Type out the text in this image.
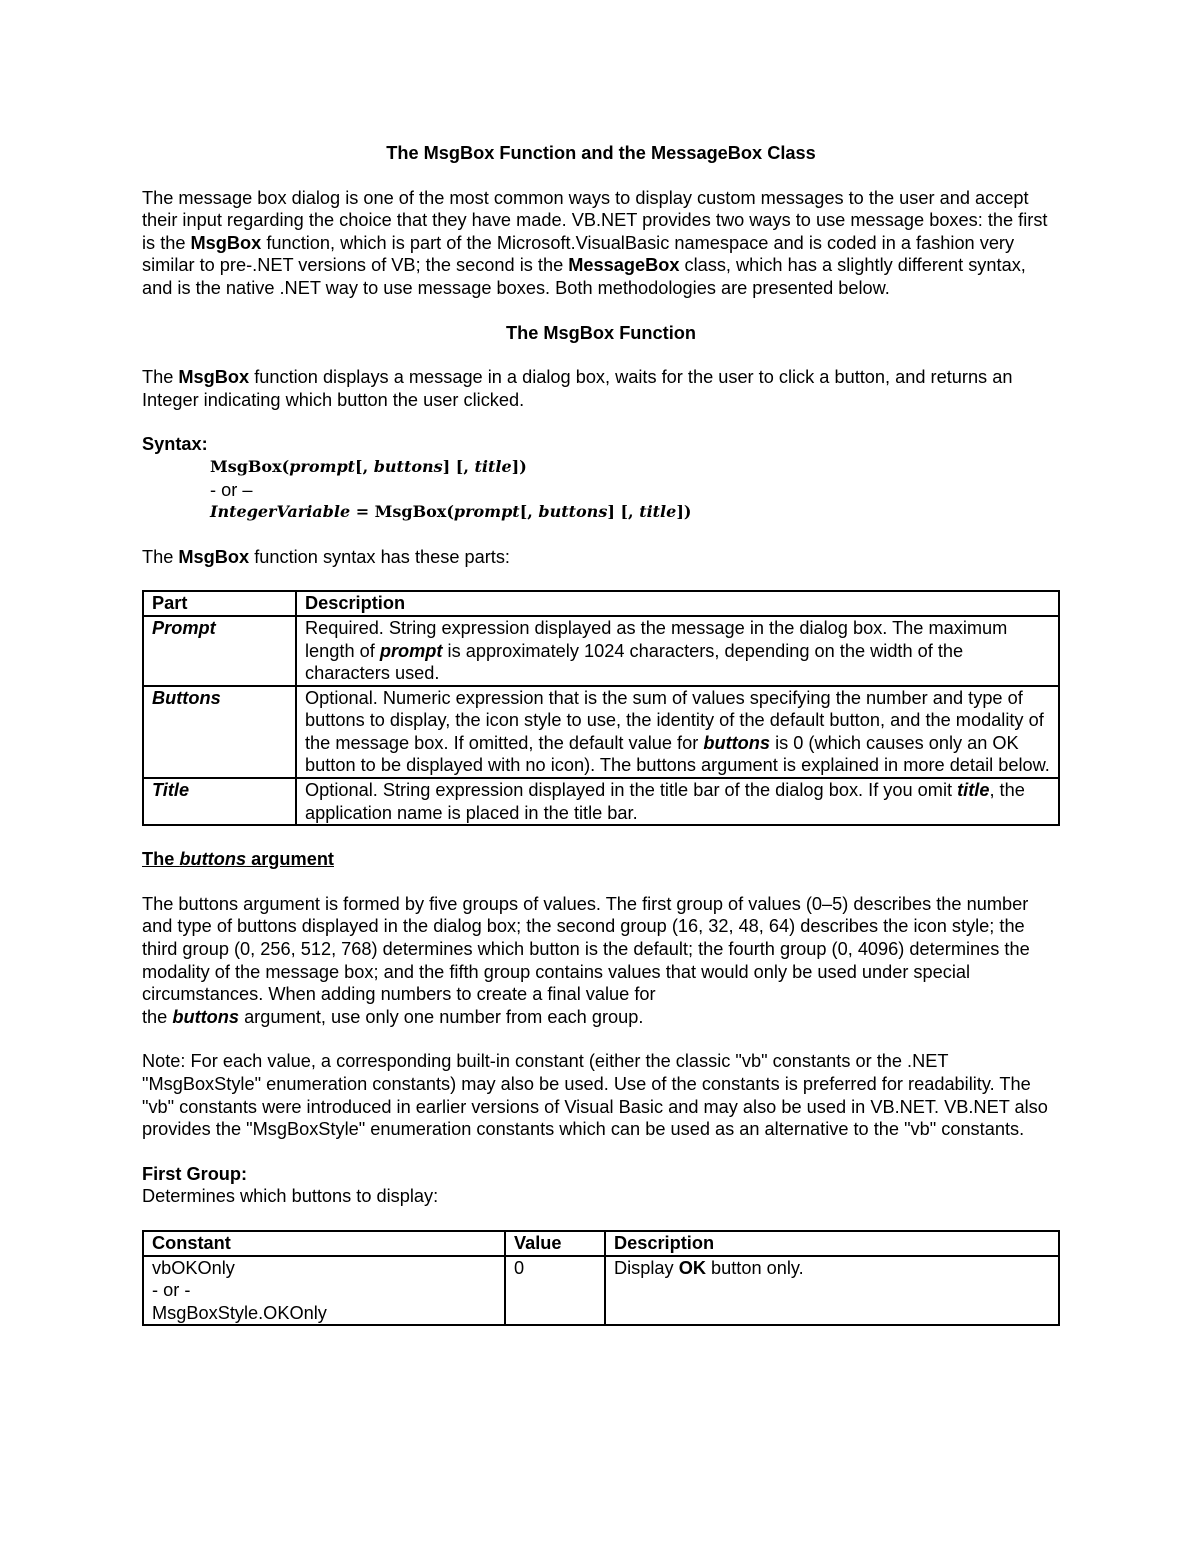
The MsgBox Function and the MessageBox Class

The message box dialog is one of the most common ways to display custom messages to the user and accept their input regarding the choice that they have made. VB.NET provides two ways to use message boxes: the first is the MsgBox function, which is part of the Microsoft.VisualBasic namespace and is coded in a fashion very similar to pre-.NET versions of VB; the second is the MessageBox class, which has a slightly different syntax, and is the native .NET way to use message boxes. Both methodologies are presented below.

The MsgBox Function

The MsgBox function displays a message in a dialog box, waits for the user to click a button, and returns an Integer indicating which button the user clicked.

Syntax:
MsgBox(prompt[, buttons] [, title])
- or –
IntegerVariable = MsgBox(prompt[, buttons] [, title])

The MsgBox function syntax has these parts:

Part	Description
Prompt	Required. String expression displayed as the message in the dialog box. The maximum length of prompt is approximately 1024 characters, depending on the width of the characters used.
Buttons	Optional. Numeric expression that is the sum of values specifying the number and type of buttons to display, the icon style to use, the identity of the default button, and the modality of the message box. If omitted, the default value for buttons is 0 (which causes only an OK button to be displayed with no icon). The buttons argument is explained in more detail below.
Title	Optional. String expression displayed in the title bar of the dialog box. If you omit title, the application name is placed in the title bar.
The buttons argument

The buttons argument is formed by five groups of values. The first group of values (0–5) describes the number and type of buttons displayed in the dialog box; the second group (16, 32, 48, 64) describes the icon style; the third group (0, 256, 512, 768) determines which button is the default; the fourth group (0, 4096) determines the modality of the message box; and the fifth group contains values that would only be used under special circumstances. When adding numbers to create a final value for
the buttons argument, use only one number from each group.

Note: For each value, a corresponding built-in constant (either the classic "vb" constants or the .NET "MsgBoxStyle" enumeration constants) may also be used. Use of the constants is preferred for readability. The "vb" constants were introduced in earlier versions of Visual Basic and may also be used in VB.NET. VB.NET also provides the "MsgBoxStyle" enumeration constants which can be used as an alternative to the "vb" constants.

First Group:

Determines which buttons to display:

Constant	Value	Description

vbOKOnly
- or -
MsgBoxStyle.OKOnly	0	Display OK button only.
